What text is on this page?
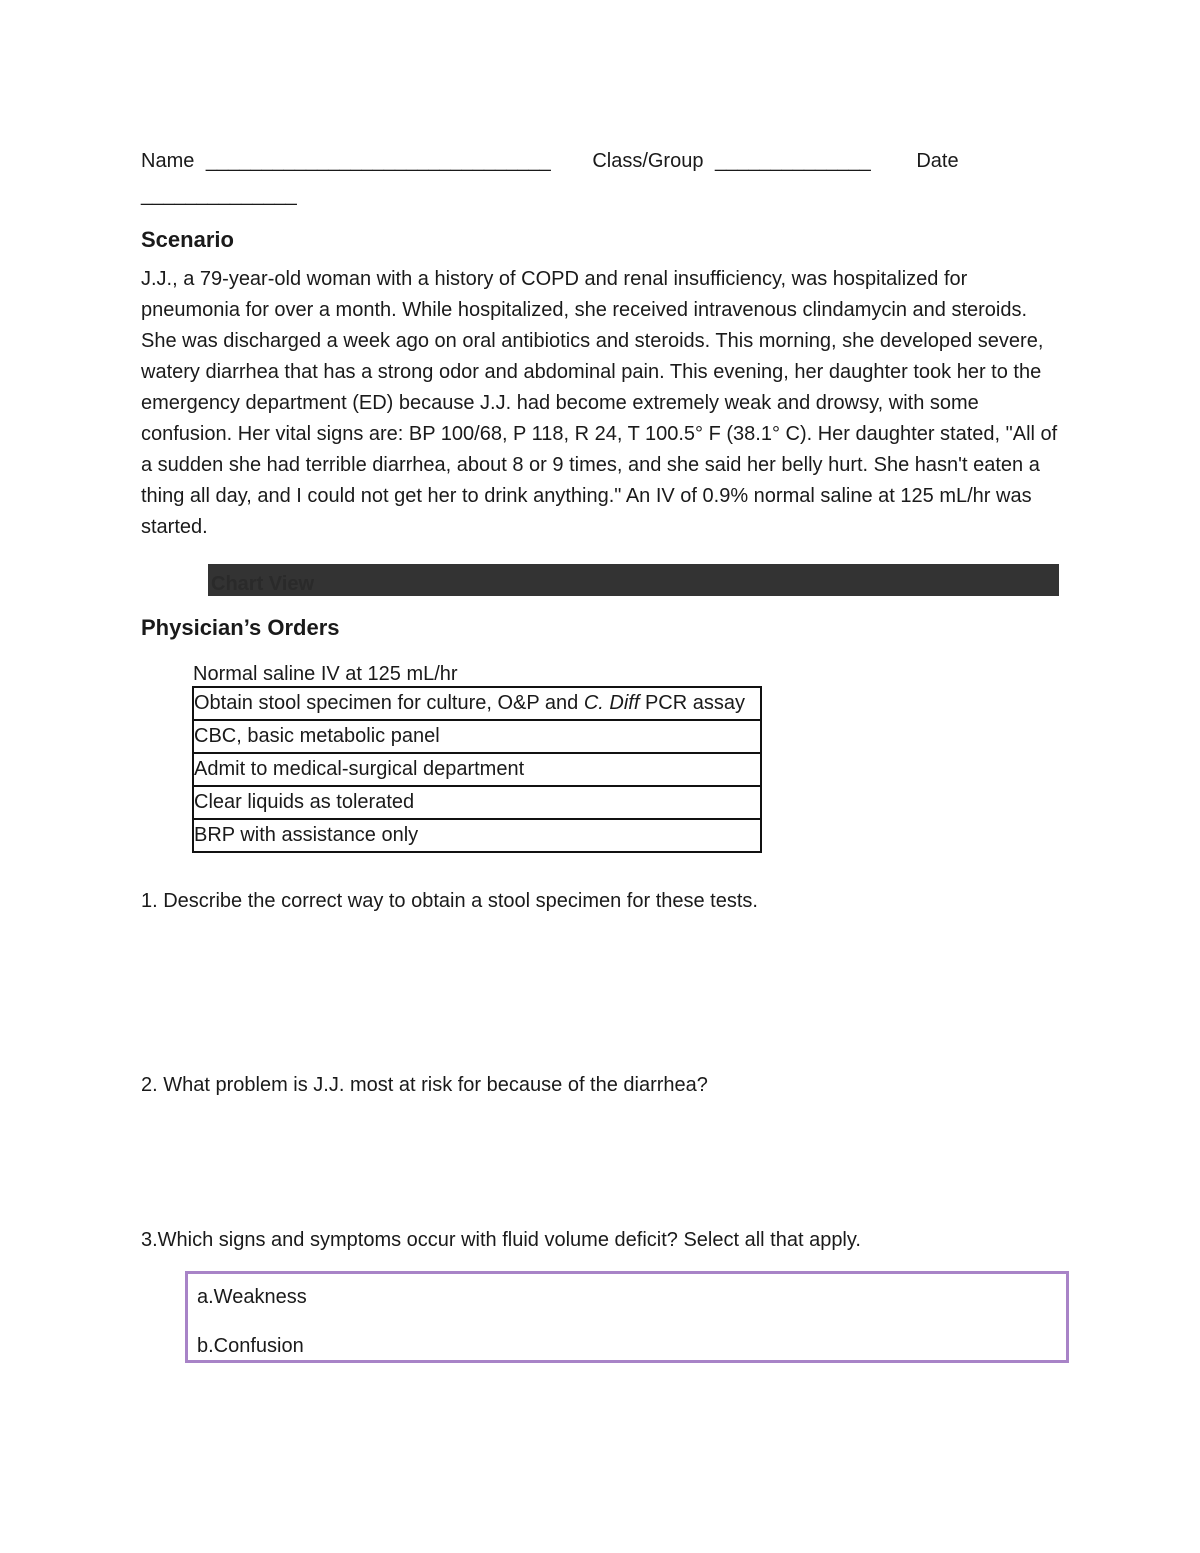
Name _______________________________ Class/Group ______________ Date
______________
Scenario
J.J., a 79-year-old woman with a history of COPD and renal insufficiency, was hospitalized for pneumonia for over a month. While hospitalized, she received intravenous clindamycin and steroids. She was discharged a week ago on oral antibiotics and steroids. This morning, she developed severe, watery diarrhea that has a strong odor and abdominal pain. This evening, her daughter took her to the emergency department (ED) because J.J. had become extremely weak and drowsy, with some confusion. Her vital signs are: BP 100/68, P 118, R 24, T 100.5° F (38.1° C). Her daughter stated, "All of a sudden she had terrible diarrhea, about 8 or 9 times, and she said her belly hurt. She hasn't eaten a thing all day, and I could not get her to drink anything." An IV of 0.9% normal saline at 125 mL/hr was started.
Chart View
Physician’s Orders
Normal saline IV at 125 mL/hr
Obtain stool specimen for culture, O&P and C. Diff PCR assay
CBC, basic metabolic panel
Admit to medical-surgical department
Clear liquids as tolerated
BRP with assistance only
1. Describe the correct way to obtain a stool specimen for these tests.
2. What problem is J.J. most at risk for because of the diarrhea?
3.Which signs and symptoms occur with fluid volume deficit? Select all that apply.
a.Weakness
b.Confusion
